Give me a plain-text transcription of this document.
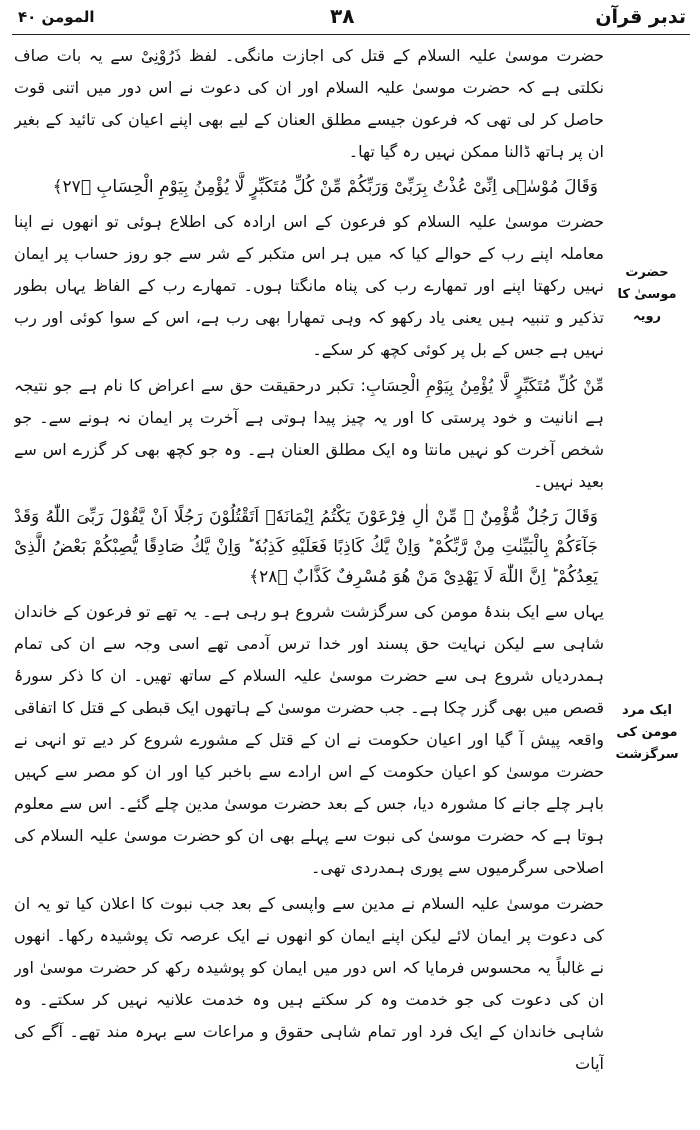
تدبر قرآن
۳۸
المومن ۴۰
حضرت موسیٰ کا رویہ
ایک مرد مومن کی سرگزشت

حضرت موسیٰ علیہ السلام کے قتل کی اجازت مانگی۔ لفظ ذَرُوْنِیْ سے یہ بات صاف نکلتی ہے کہ حضرت موسیٰ علیہ السلام اور ان کی دعوت نے اس دور میں اتنی قوت حاصل کر لی تھی کہ فرعون جیسے مطلق العنان کے لیے بھی اپنے اعیان کی تائید کے بغیر ان پر ہاتھ ڈالنا ممکن نہیں رہ گیا تھا۔

وَقَالَ مُوْسٰۤى اِنِّیْ عُذْتُ بِرَبِّیْ وَرَبِّكُمْ مِّنْ كُلِّ مُتَكَبِّرٍ لَّا یُؤْمِنُ بِیَوْمِ الْحِسَابِ ﴿۲۷﴾

حضرت موسیٰ علیہ السلام کو فرعون کے اس ارادہ کی اطلاع ہوئی تو انھوں نے اپنا معاملہ اپنے رب کے حوالے کیا کہ میں ہر اس متکبر کے شر سے جو روز حساب پر ایمان نہیں رکھتا اپنے اور تمھارے رب کی پناہ مانگتا ہوں۔ تمھارے رب کے الفاظ یہاں بطور تذکیر و تنبیہ ہیں یعنی یاد رکھو کہ وہی تمھارا بھی رب ہے، اس کے سوا کوئی اور رب نہیں ہے جس کے بل پر کوئی کچھ کر سکے۔

مِّنْ كُلِّ مُتَكَبِّرٍ لَّا یُؤْمِنُ بِیَوْمِ الْحِسَابِ: تکبر درحقیقت حق سے اعراض کا نام ہے جو نتیجہ ہے انانیت و خود پرستی کا اور یہ چیز پیدا ہوتی ہے آخرت پر ایمان نہ ہونے سے۔ جو شخص آخرت کو نہیں مانتا وہ ایک مطلق العنان ہے۔ وہ جو کچھ بھی کر گزرے اس سے بعید نہیں۔

وَقَالَ رَجُلٌ مُّؤْمِنٌ ۖ مِّنْ اٰلِ فِرْعَوْنَ یَكْتُمُ اِیْمَانَهٗۤ اَتَقْتُلُوْنَ رَجُلًا اَنْ یَّقُوْلَ رَبِّیَ اللّٰهُ وَقَدْ جَآءَكُمْ بِالْبَیِّنٰتِ مِنْ رَّبِّكُمْ ؕ وَاِنْ یَّكُ كَاذِبًا فَعَلَیْهِ كَذِبُهٗ ؕ وَاِنْ یَّكُ صَادِقًا یُّصِبْكُمْ بَعْضُ الَّذِیْ یَعِدُكُمْ ؕ اِنَّ اللّٰهَ لَا یَهْدِیْ مَنْ هُوَ مُسْرِفٌ كَذَّابٌ ﴿۲۸﴾

یہاں سے ایک بندۂ مومن کی سرگزشت شروع ہو رہی ہے۔ یہ تھے تو فرعون کے خاندان شاہی سے لیکن نہایت حق پسند اور خدا ترس آدمی تھے اسی وجہ سے ان کی تمام ہمدردیاں شروع ہی سے حضرت موسیٰ علیہ السلام کے ساتھ تھیں۔ ان کا ذکر سورۂ قصص میں بھی گزر چکا ہے۔ جب حضرت موسیٰ کے ہاتھوں ایک قبطی کے قتل کا اتفاقی واقعہ پیش آ گیا اور اعیان حکومت نے ان کے قتل کے مشورے شروع کر دیے تو انہی نے حضرت موسیٰ کو اعیان حکومت کے اس ارادے سے باخبر کیا اور ان کو مصر سے کہیں باہر چلے جانے کا مشورہ دیا، جس کے بعد حضرت موسیٰ مدین چلے گئے۔ اس سے معلوم ہوتا ہے کہ حضرت موسیٰ کی نبوت سے پہلے بھی ان کو حضرت موسیٰ علیہ السلام کی اصلاحی سرگرمیوں سے پوری ہمدردی تھی۔

حضرت موسیٰ علیہ السلام نے مدین سے واپسی کے بعد جب نبوت کا اعلان کیا تو یہ ان کی دعوت پر ایمان لائے لیکن اپنے ایمان کو انھوں نے ایک عرصہ تک پوشیدہ رکھا۔ انھوں نے غالباً یہ محسوس فرمایا کہ اس دور میں ایمان کو پوشیدہ رکھ کر حضرت موسیٰ اور ان کی دعوت کی جو خدمت وہ کر سکتے ہیں وہ خدمت علانیہ نہیں کر سکتے۔ وہ شاہی خاندان کے ایک فرد اور تمام شاہی حقوق و مراعات سے بہرہ مند تھے۔ آگے کی آیات
